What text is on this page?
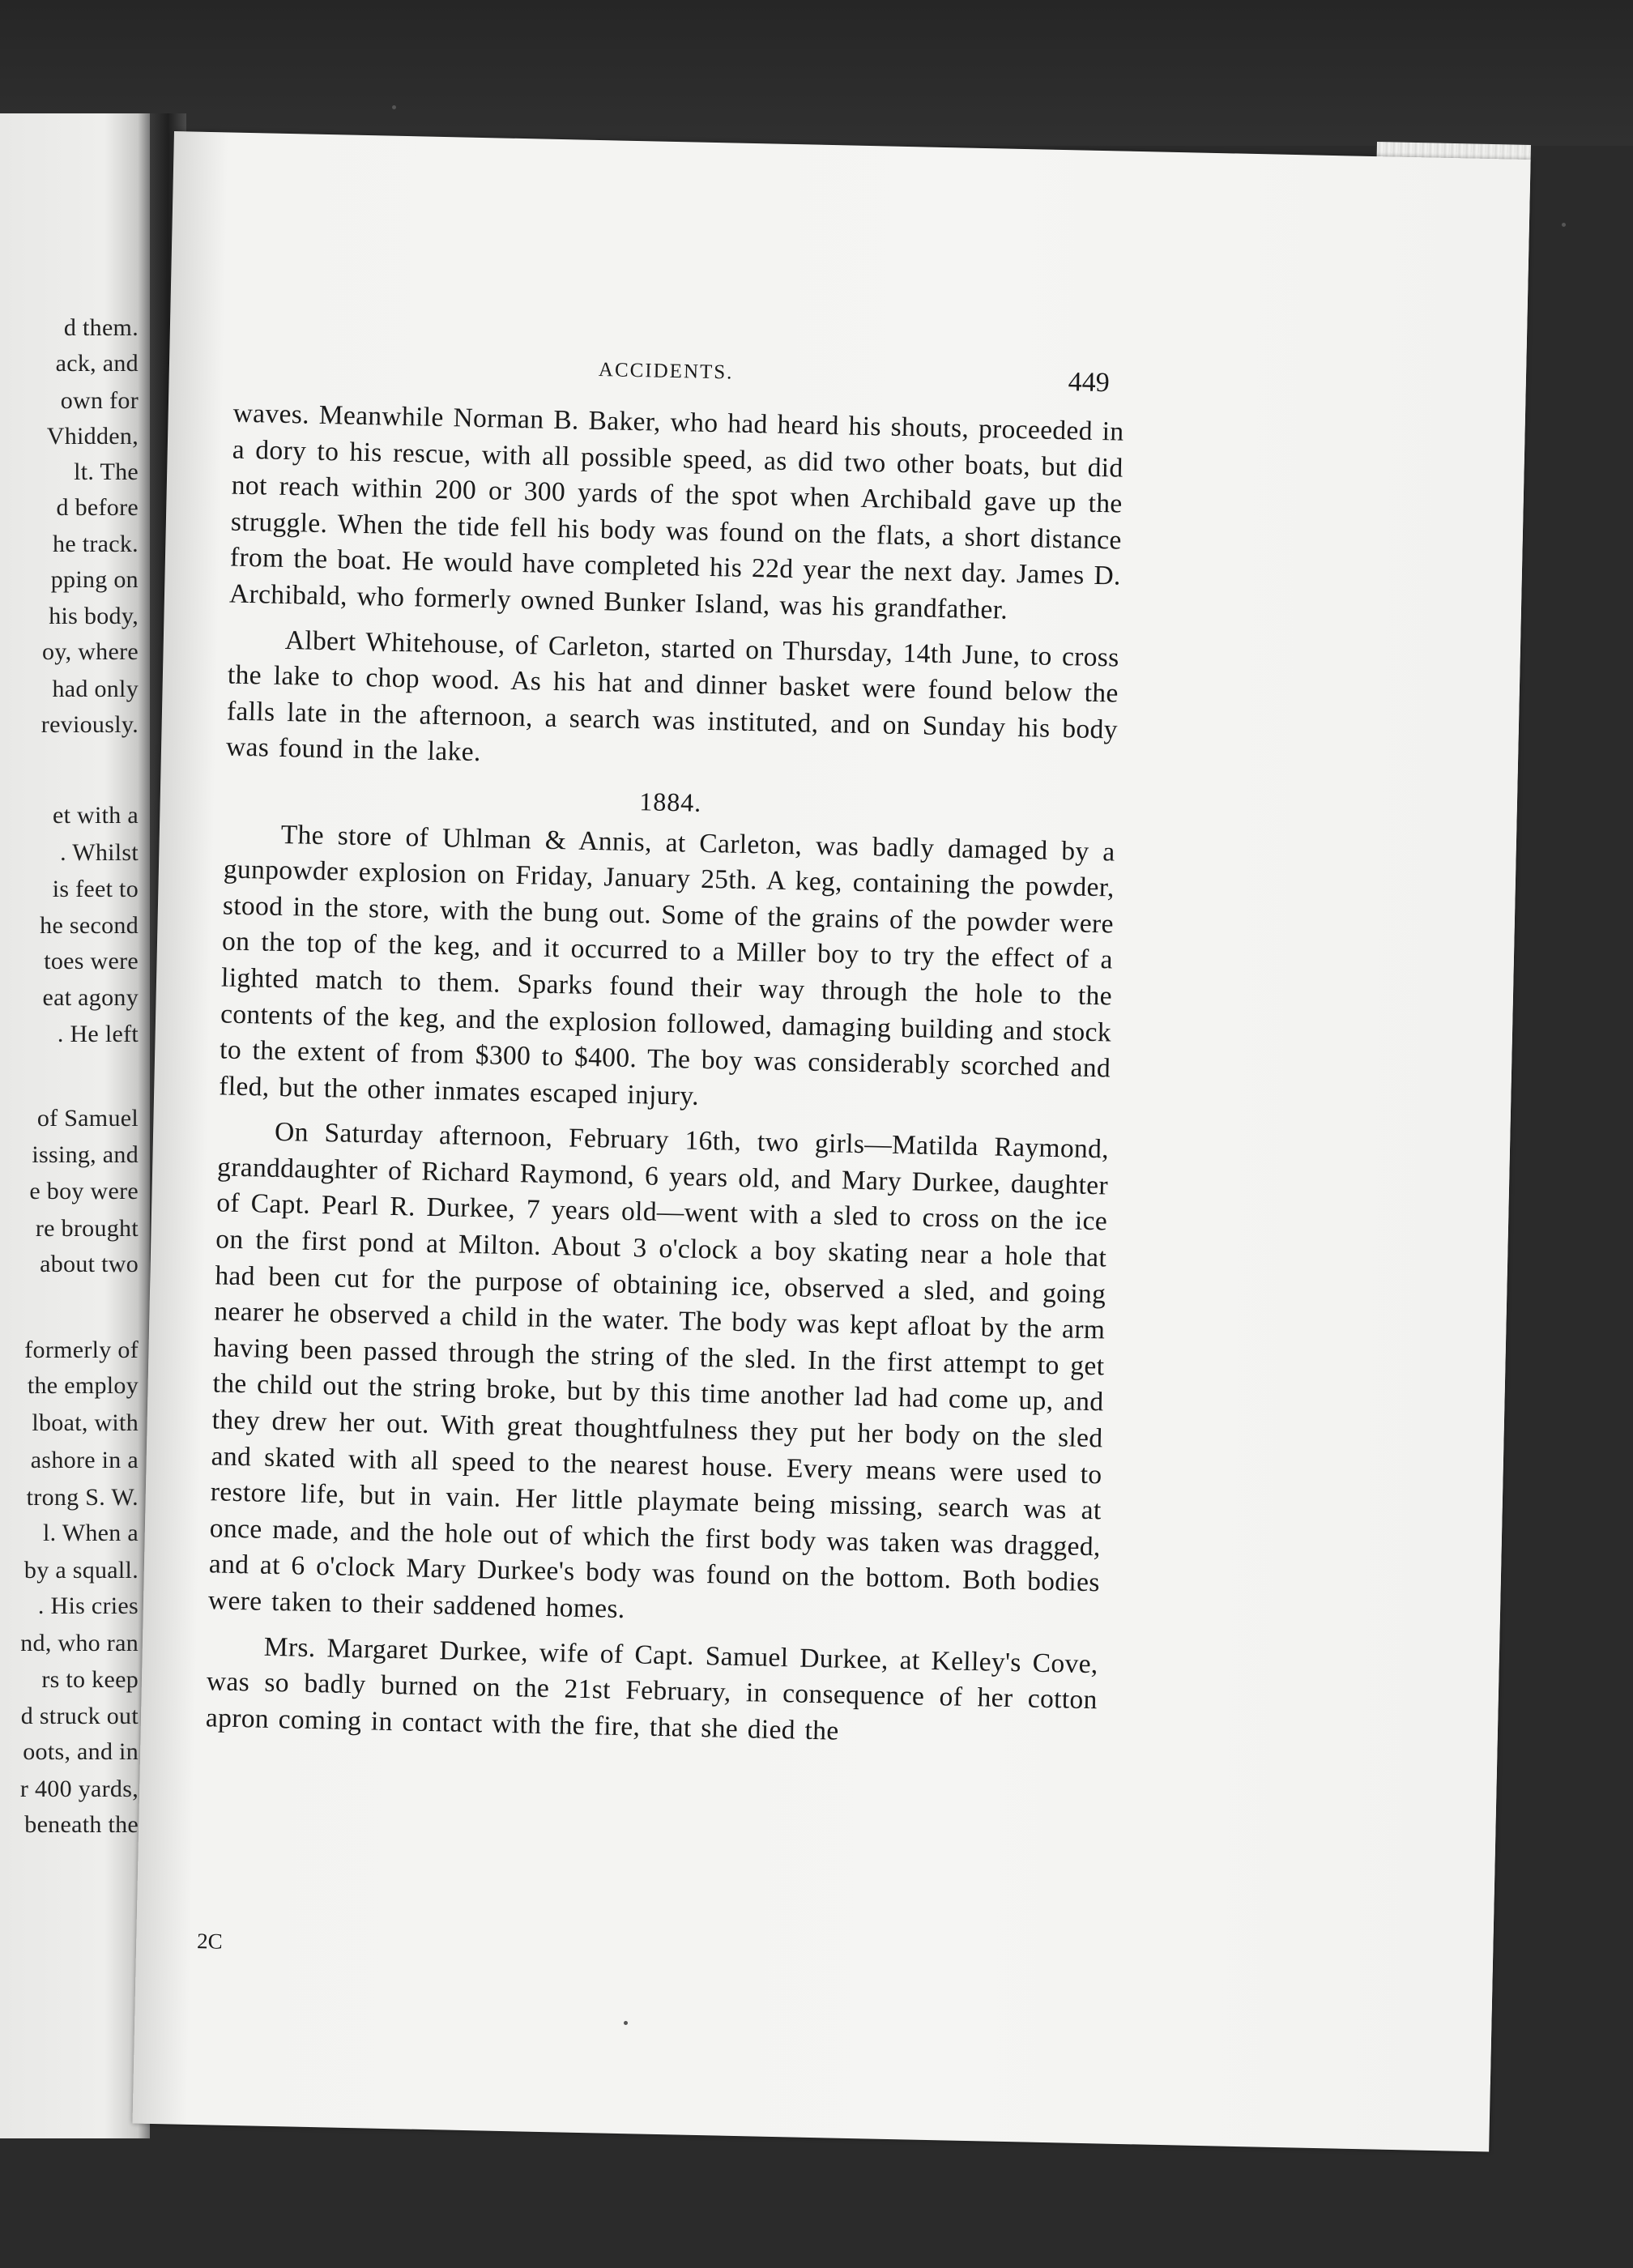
d them.
ack, and
own for
Vhidden,
lt. The
d before
he track.
pping on
his body,
oy, where
had only
reviously.
et with a
. Whilst
is feet to
he second
toes were
eat agony
. He left
of Samuel
issing, and
e boy were
re brought
about two
formerly of
the employ
lboat, with
ashore in a
trong S. W.
l. When a
by a squall.
. His cries
nd, who ran
rs to keep
d struck out
oots, and in
r 400 yards,
beneath the
ACCIDENTS.	449

waves. Meanwhile Norman B. Baker, who had heard his shouts, proceeded in a dory to his rescue, with all possible speed, as did two other boats, but did not reach within 200 or 300 yards of the spot when Archibald gave up the struggle. When the tide fell his body was found on the flats, a short distance from the boat. He would have completed his 22d year the next day. James D. Archibald, who formerly owned Bunker Island, was his grandfather.

Albert Whitehouse, of Carleton, started on Thursday, 14th June, to cross the lake to chop wood. As his hat and dinner basket were found below the falls late in the afternoon, a search was instituted, and on Sunday his body was found in the lake.

1884.

The store of Uhlman & Annis, at Carleton, was badly damaged by a gunpowder explosion on Friday, January 25th. A keg, containing the powder, stood in the store, with the bung out. Some of the grains of the powder were on the top of the keg, and it occurred to a Miller boy to try the effect of a lighted match to them. Sparks found their way through the hole to the contents of the keg, and the explosion followed, damaging building and stock to the extent of from $300 to $400. The boy was considerably scorched and fled, but the other inmates escaped injury.

On Saturday afternoon, February 16th, two girls—Matilda Raymond, granddaughter of Richard Raymond, 6 years old, and Mary Durkee, daughter of Capt. Pearl R. Durkee, 7 years old—went with a sled to cross on the ice on the first pond at Milton. About 3 o'clock a boy skating near a hole that had been cut for the purpose of obtaining ice, observed a sled, and going nearer he observed a child in the water. The body was kept afloat by the arm having been passed through the string of the sled. In the first attempt to get the child out the string broke, but by this time another lad had come up, and they drew her out. With great thoughtfulness they put her body on the sled and skated with all speed to the nearest house. Every means were used to restore life, but in vain. Her little playmate being missing, search was at once made, and the hole out of which the first body was taken was dragged, and at 6 o'clock Mary Durkee's body was found on the bottom. Both bodies were taken to their saddened homes.

Mrs. Margaret Durkee, wife of Capt. Samuel Durkee, at Kelley's Cove, was so badly burned on the 21st February, in consequence of her cotton apron coming in contact with the fire, that she died the

2C
